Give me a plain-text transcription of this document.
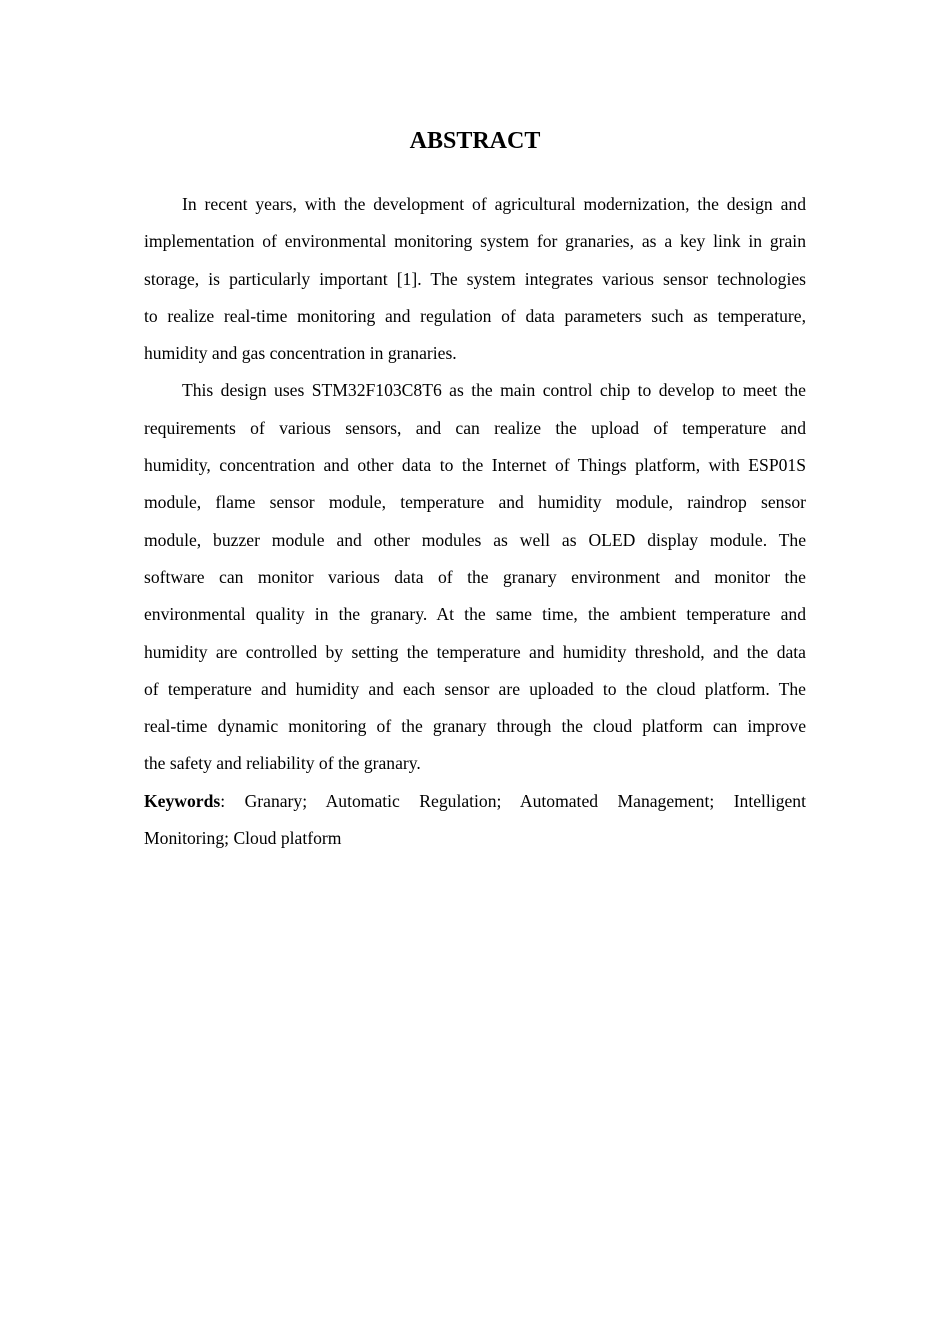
ABSTRACT
In recent years, with the development of agricultural modernization, the design and
implementation of environmental monitoring system for granaries, as a key link in grain
storage, is particularly important [1]. The system integrates various sensor technologies
to realize real-time monitoring and regulation of data parameters such as temperature,
humidity and gas concentration in granaries.
This design uses STM32F103C8T6 as the main control chip to develop to meet the
requirements of various sensors, and can realize the upload of temperature and
humidity, concentration and other data to the Internet of Things platform, with ESP01S
module, flame sensor module, temperature and humidity module, raindrop sensor
module, buzzer module and other modules as well as OLED display module. The
software can monitor various data of the granary environment and monitor the
environmental quality in the granary. At the same time, the ambient temperature and
humidity are controlled by setting the temperature and humidity threshold, and the data
of temperature and humidity and each sensor are uploaded to the cloud platform. The
real-time dynamic monitoring of the granary through the cloud platform can improve
the safety and reliability of the granary.
Keywords: Granary; Automatic Regulation; Automated Management; Intelligent
Monitoring; Cloud platform
